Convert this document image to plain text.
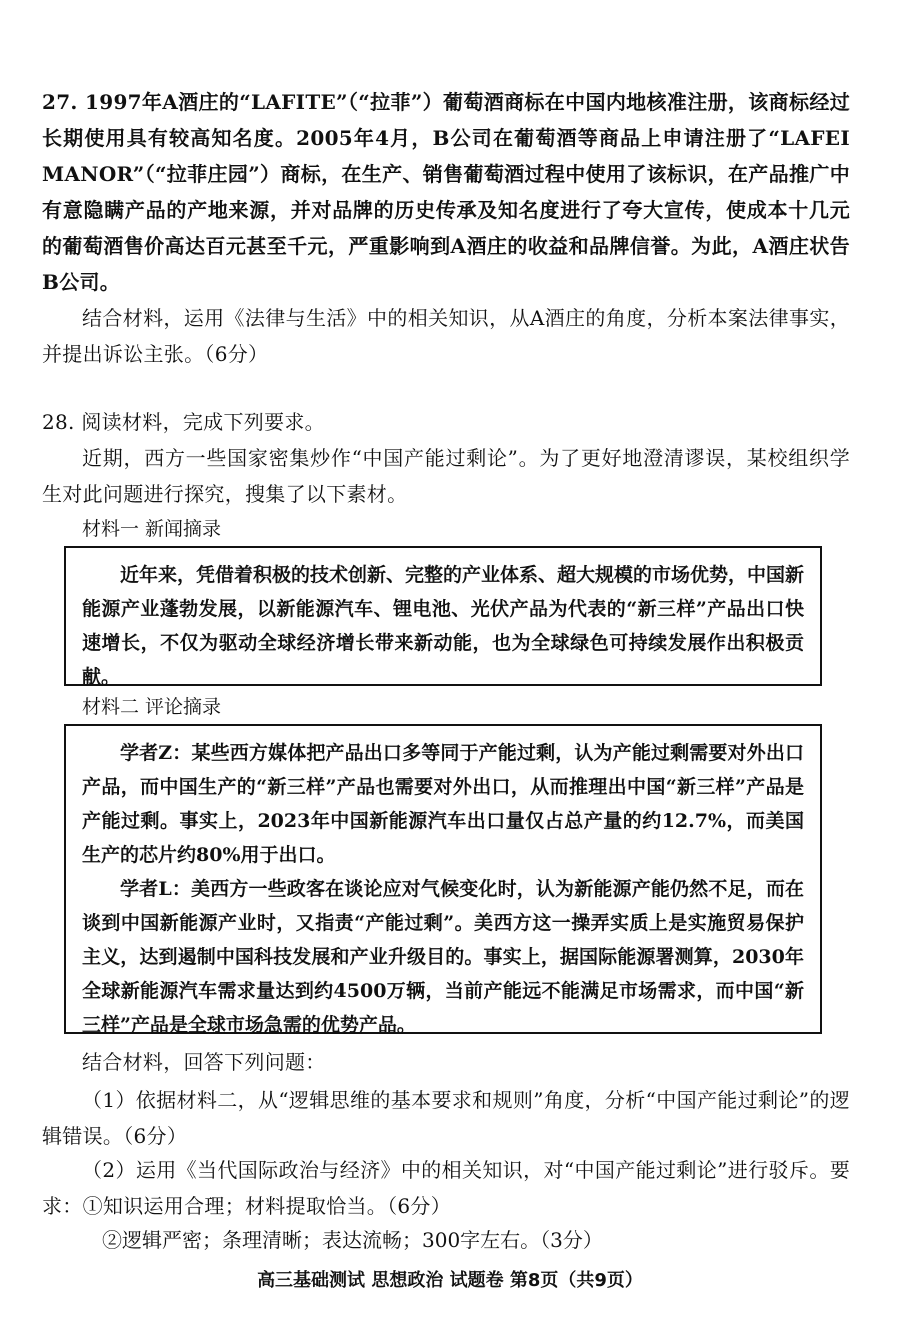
27. 1997年A酒庄的“LAFITE”（“拉菲”）葡萄酒商标在中国内地核准注册，该商标经过长期使用具有较高知名度。2005年4月，B公司在葡萄酒等商品上申请注册了“LAFEI MANOR”（“拉菲庄园”）商标，在生产、销售葡萄酒过程中使用了该标识，在产品推广中有意隐瞒产品的产地来源，并对品牌的历史传承及知名度进行了夸大宣传，使成本十几元的葡萄酒售价高达百元甚至千元，严重影响到A酒庄的收益和品牌信誉。为此，A酒庄状告B公司。
结合材料，运用《法律与生活》中的相关知识，从A酒庄的角度，分析本案法律事实，并提出诉讼主张。（6分）
28. 阅读材料，完成下列要求。
近期，西方一些国家密集炒作“中国产能过剩论”。为了更好地澄清谬误，某校组织学生对此问题进行探究，搜集了以下素材。
材料一 新闻摘录

近年来，凭借着积极的技术创新、完整的产业体系、超大规模的市场优势，中国新能源产业蓬勃发展，以新能源汽车、锂电池、光伏产品为代表的“新三样”产品出口快速增长，不仅为驱动全球经济增长带来新动能，也为全球绿色可持续发展作出积极贡献。

材料二 评论摘录

学者Z：某些西方媒体把产品出口多等同于产能过剩，认为产能过剩需要对外出口产品，而中国生产的“新三样”产品也需要对外出口，从而推理出中国“新三样”产品是产能过剩。事实上，2023年中国新能源汽车出口量仅占总产量的约12.7%，而美国生产的芯片约80%用于出口。

学者L：美西方一些政客在谈论应对气候变化时，认为新能源产能仍然不足，而在谈到中国新能源产业时，又指责“产能过剩”。美西方这一操弄实质上是实施贸易保护主义，达到遏制中国科技发展和产业升级目的。事实上，据国际能源署测算，2030年全球新能源汽车需求量达到约4500万辆，当前产能远不能满足市场需求，而中国“新三样”产品是全球市场急需的优势产品。

结合材料，回答下列问题：
（1）依据材料二，从“逻辑思维的基本要求和规则”角度，分析“中国产能过剩论”的逻辑错误。（6分）
（2）运用《当代国际政治与经济》中的相关知识，对“中国产能过剩论”进行驳斥。要求：①知识运用合理；材料提取恰当。（6分）
②逻辑严密；条理清晰；表达流畅；300字左右。（3分）
高三基础测试 思想政治 试题卷 第8页（共9页）
